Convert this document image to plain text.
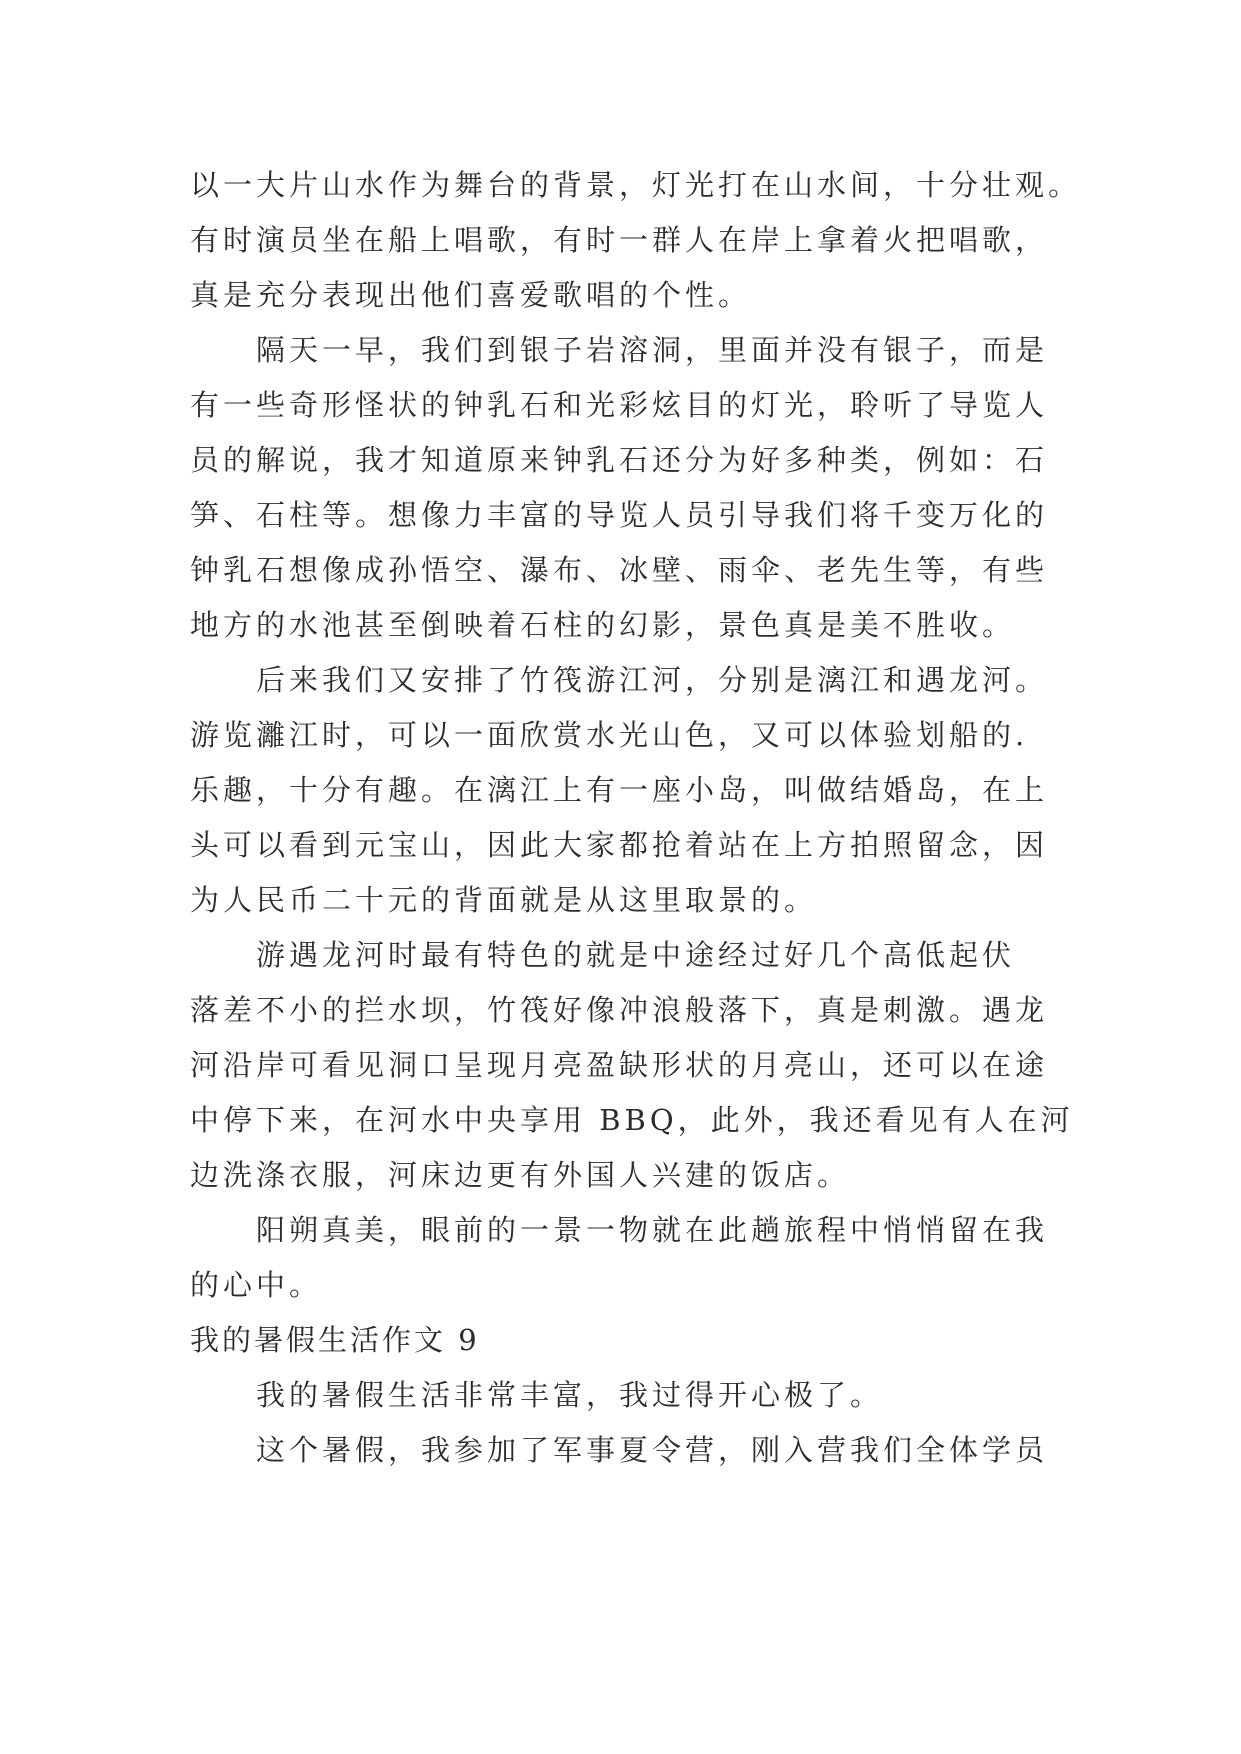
以一大片山水作为舞台的背景，灯光打在山水间，十分壮观。

有时演员坐在船上唱歌，有时一群人在岸上拿着火把唱歌，

真是充分表现出他们喜爱歌唱的个性。

隔天一早，我们到银子岩溶洞，里面并没有银子，而是

有一些奇形怪状的钟乳石和光彩炫目的灯光，聆听了导览人

员的解说，我才知道原来钟乳石还分为好多种类，例如：石

笋、石柱等。想像力丰富的导览人员引导我们将千变万化的

钟乳石想像成孙悟空、瀑布、冰壁、雨伞、老先生等，有些

地方的水池甚至倒映着石柱的幻影，景色真是美不胜收。

后来我们又安排了竹筏游江河，分别是漓江和遇龙河。

游览灕江时，可以一面欣赏水光山色，又可以体验划船的.

乐趣，十分有趣。在漓江上有一座小岛，叫做结婚岛，在上

头可以看到元宝山，因此大家都抢着站在上方拍照留念，因

为人民币二十元的背面就是从这里取景的。

游遇龙河时最有特色的就是中途经过好几个高低起伏

落差不小的拦水坝，竹筏好像冲浪般落下，真是刺激。遇龙

河沿岸可看见洞口呈现月亮盈缺形状的月亮山，还可以在途

中停下来，在河水中央享用 BBQ，此外，我还看见有人在河

边洗涤衣服，河床边更有外国人兴建的饭店。

阳朔真美，眼前的一景一物就在此趟旅程中悄悄留在我

的心中。

我的暑假生活作文 9

我的暑假生活非常丰富，我过得开心极了。

这个暑假，我参加了军事夏令营，刚入营我们全体学员
